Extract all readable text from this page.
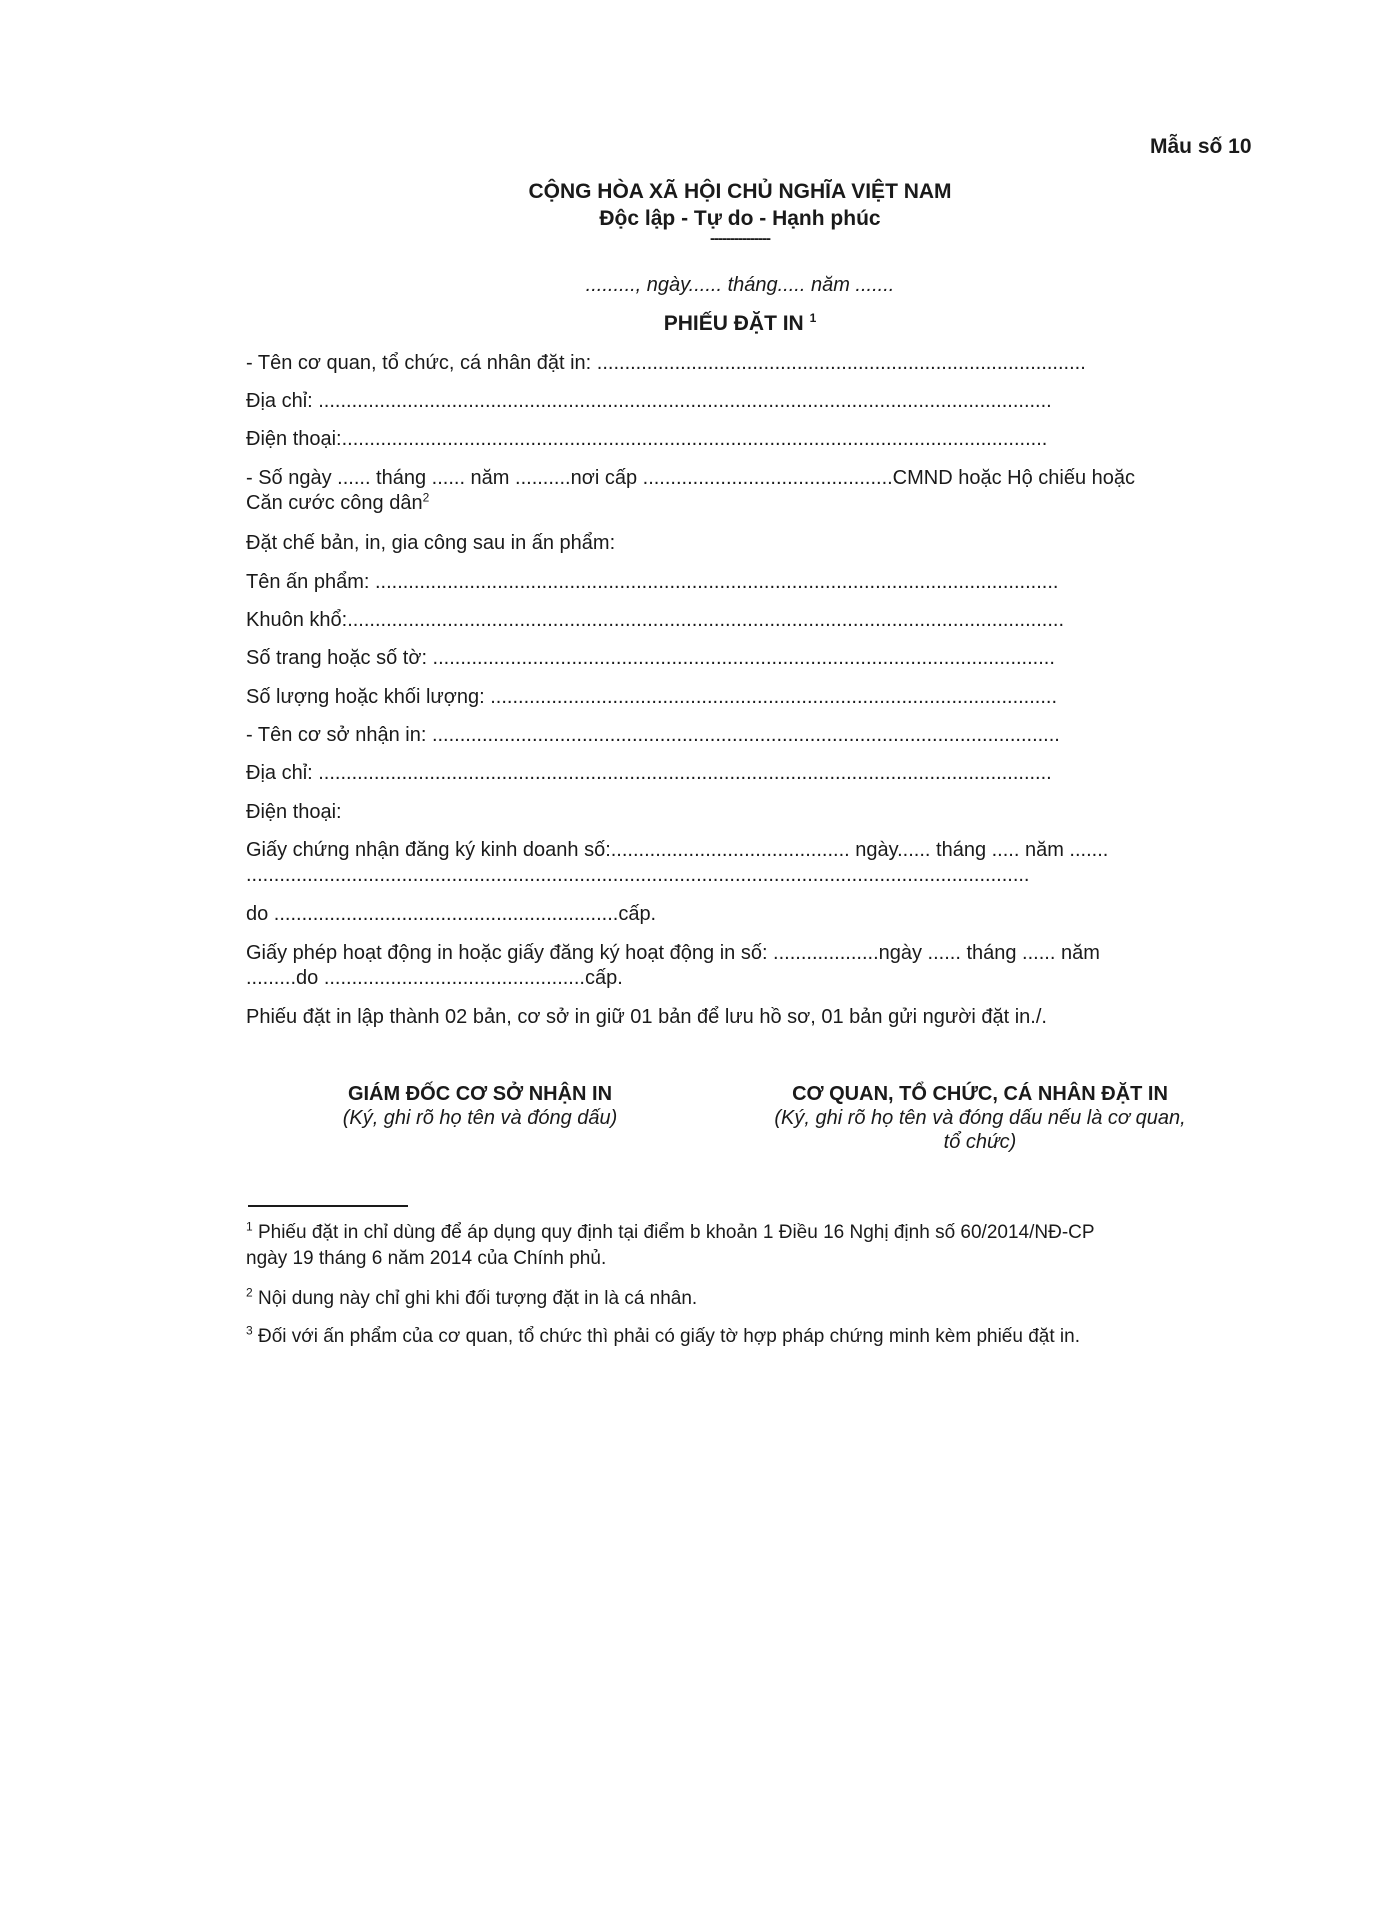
Mẫu số 10
CỘNG HÒA XÃ HỘI CHỦ NGHĨA VIỆT NAM
Độc lập - Tự do - Hạnh phúc
---------------
........., ngày...... tháng..... năm .......
PHIẾU ĐẶT IN $^1$
- Tên cơ quan, tổ chức, cá nhân đặt in: ........................................................................................
Địa chỉ: ....................................................................................................................................
Điện thoại:...............................................................................................................................
- Số ngày ...... tháng ...... năm ..........nơi cấp .............................................CMND hoặc Hộ chiếu hoặc
Căn cước công dân$^2$
Đặt chế bản, in, gia công sau in ấn phẩm:
Tên ấn phẩm: ...........................................................................................................................
Khuôn khổ:.................................................................................................................................
Số trang hoặc số tờ: ................................................................................................................
Số lượng hoặc khối lượng: ......................................................................................................
- Tên cơ sở nhận in: .................................................................................................................
Địa chỉ: ....................................................................................................................................
Điện thoại:
Giấy chứng nhận đăng ký kinh doanh số:........................................... ngày...... tháng ..... năm .......
.............................................................................................................................................
do ..............................................................cấp.
Giấy phép hoạt động in hoặc giấy đăng ký hoạt động in số: ...................ngày ...... tháng ...... năm
.........do ...............................................cấp.
Phiếu đặt in lập thành 02 bản, cơ sở in giữ 01 bản để lưu hồ sơ, 01 bản gửi người đặt in./.
GIÁM ĐỐC CƠ SỞ NHẬN IN
(Ký, ghi rõ họ tên và đóng dấu)
CƠ QUAN, TỔ CHỨC, CÁ NHÂN ĐẶT IN
(Ký, ghi rõ họ tên và đóng dấu nếu là cơ quan,
tổ chức)
$^1$ Phiếu đặt in chỉ dùng để áp dụng quy định tại điểm b khoản 1 Điều 16 Nghị định số 60/2014/NĐ-CP
ngày 19 tháng 6 năm 2014 của Chính phủ.
$^2$ Nội dung này chỉ ghi khi đối tượng đặt in là cá nhân.
$^3$ Đối với ấn phẩm của cơ quan, tổ chức thì phải có giấy tờ hợp pháp chứng minh kèm phiếu đặt in.
